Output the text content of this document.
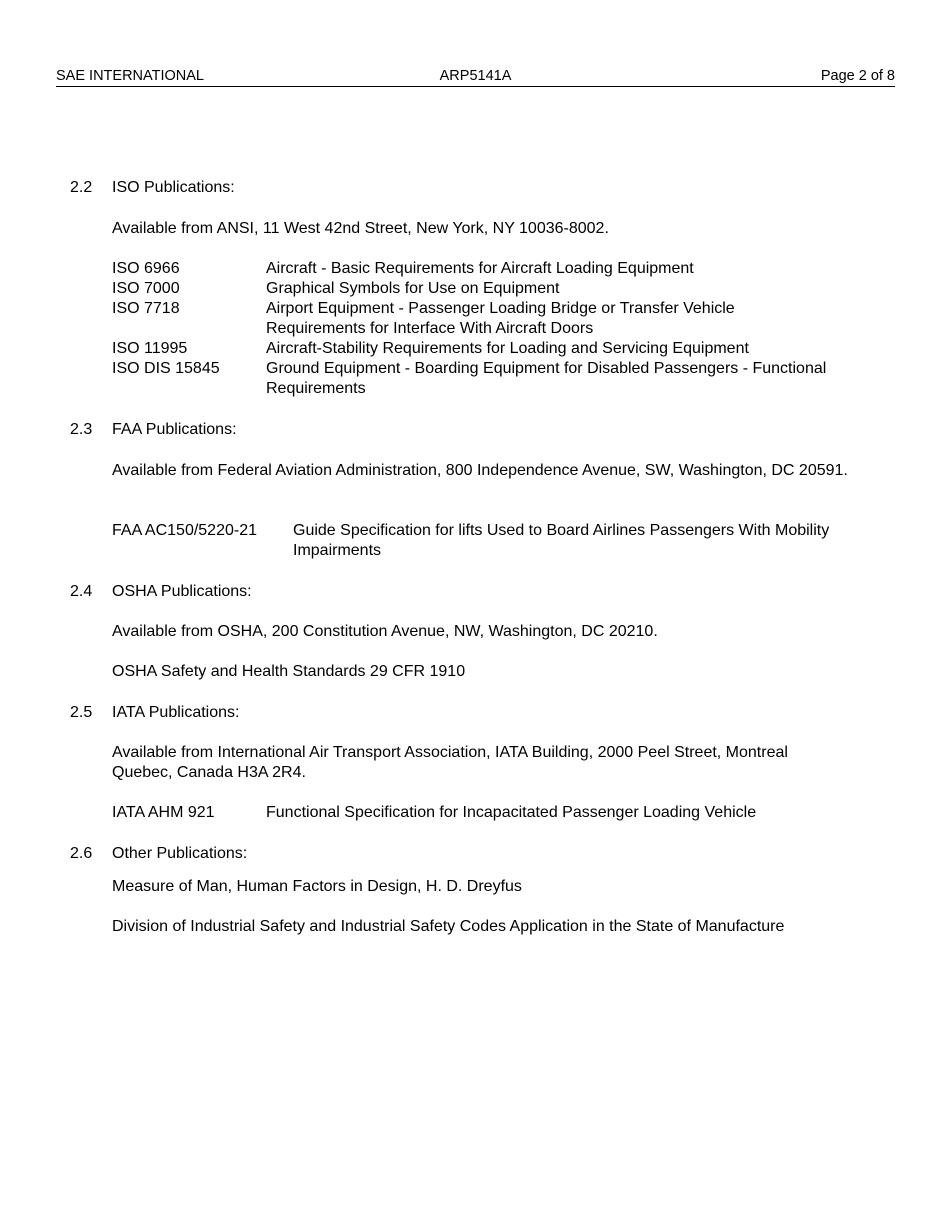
SAE INTERNATIONAL	ARP5141A	Page 2 of 8
2.2 ISO Publications:
Available from ANSI, 11 West 42nd Street, New York, NY 10036-8002.
ISO 6966	Aircraft - Basic Requirements for Aircraft Loading Equipment
ISO 7000	Graphical Symbols for Use on Equipment
ISO 7718	Airport Equipment - Passenger Loading Bridge or Transfer Vehicle Requirements for Interface With Aircraft Doors
ISO 11995	Aircraft-Stability Requirements for Loading and Servicing Equipment
ISO DIS 15845	Ground Equipment - Boarding Equipment for Disabled Passengers - Functional Requirements
2.3 FAA Publications:
Available from Federal Aviation Administration, 800 Independence Avenue, SW, Washington, DC 20591.
FAA AC150/5220-21	Guide Specification for lifts Used to Board Airlines Passengers With Mobility Impairments
2.4 OSHA Publications:
Available from OSHA, 200 Constitution Avenue, NW, Washington, DC 20210.
OSHA Safety and Health Standards 29 CFR 1910
2.5 IATA Publications:
Available from International Air Transport Association, IATA Building, 2000 Peel Street, Montreal Quebec, Canada H3A 2R4.
IATA AHM 921	Functional Specification for Incapacitated Passenger Loading Vehicle
2.6 Other Publications:
Measure of Man, Human Factors in Design, H. D. Dreyfus
Division of Industrial Safety and Industrial Safety Codes Application in the State of Manufacture
